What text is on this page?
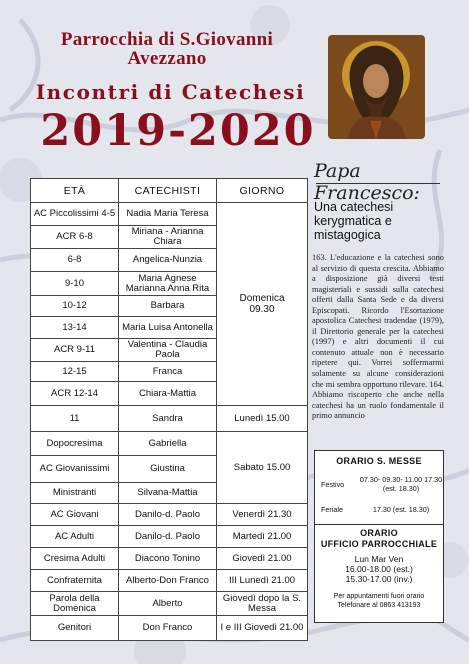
Parrocchia di S.Giovanni
Avezzano
Incontri di Catechesi
2019-2020
ETÀ	CATECHISTI	GIORNO
AC Piccolissimi 4-5	Nadia Maria Teresa	Domenica 09.30
ACR 6-8	Miriana - Arianna Chiara	
6-8	Angelica-Nunzia	
9-10	Maria Agnese Marianna Anna Rita	
10-12	Barbara	
13-14	Maria Luisa Antonella	
ACR 9-11	Valentina - Claudia Paola	
12-15	Franca	
ACR 12-14	Chiara-Mattia	
11	Sandra	Lunedì 15.00
Dopocresima	Gabriella	Sabato 15.00
AC Giovanissimi	Giustina	
Ministranti	Silvana-Mattia	
AC Giovani	Danilo-d. Paolo	Venerdì 21.30
AC Adulti	Danilo-d. Paolo	Martedì 21.00
Cresima Adulti	Diacono Tonino	Giovedì 21.00
Confraternita	Alberto-Don Franco	III Lunedì 21.00
Parola della Domenica	Alberto	Giovedì dopo la S. Messa
Genitori	Don Franco	I e III Giovedì 21.00
Papa Francesco:
Una catechesi kerygmatica e mistagogica
163. L'educazione e la catechesi sono al servizio di questa crescita. Abbiamo a disposizione già diversi testi magisteriali e sussidi sulla catechesi offerti dalla Santa Sede e da diversi Episcopati. Ricordo l'Esortazione apostolica Catechesi tradendae (1979), il Direttorio generale per la catechesi (1997) e altri documenti il cui contenuto attuale non è necessario ripetere qui. Vorrei soffermarmi solamente su alcune considerazioni che mi sembra opportuno rilevare. 164. Abbiamo riscoperto che anche nella catechesi ha un ruolo fondamentale il primo annuncio
ORARIO S. MESSE
Festivo	07.30- 09.30- 11.00 17.30 (est. 18.30)
Feriale	17.30 (est. 18.30)
ORARIO
UFFICIO PARROCCHIALE
Lun Mar Ven
16.00-18.00 (est.)
15.30-17.00 (inv.)
Per appuntamenti fuori orario
Telefonare al 0863 413193
